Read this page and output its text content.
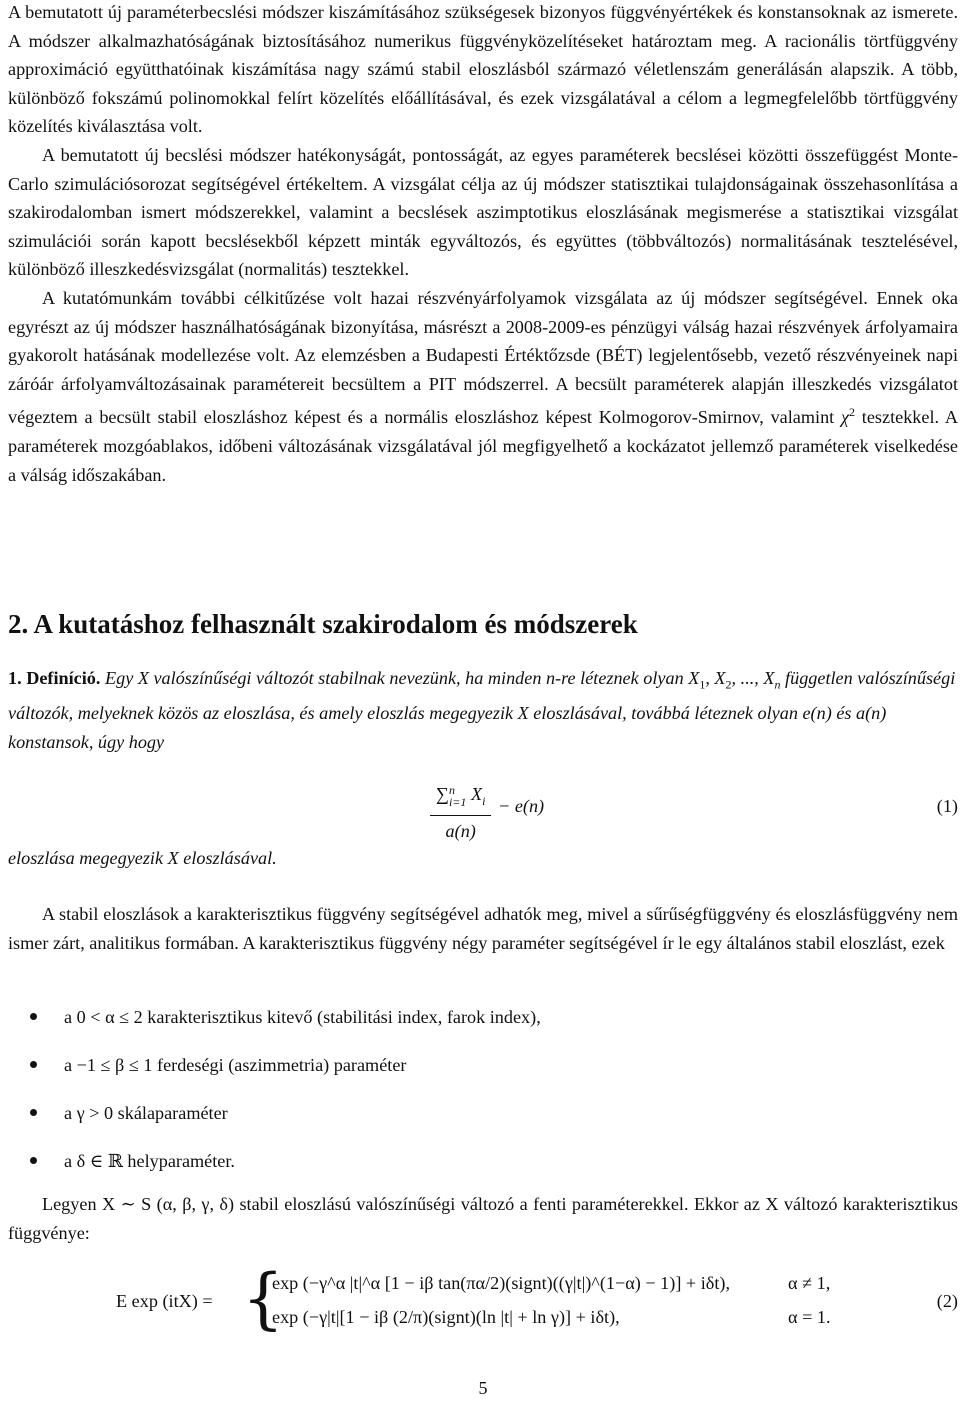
A bemutatott új paraméterbecslési módszer kiszámításához szükségesek bizonyos függvényértékek és konstansoknak az ismerete. A módszer alkalmazhatóságának biztosításához numerikus függvényközelítéseket határoztam meg. A racionális törtfüggvény approximáció együtthatóinak kiszámítása nagy számú stabil eloszlásból származó véletlenszám generálásán alapszik. A több, különböző fokszámú polinomokkal felírt közelítés előállításával, és ezek vizsgálatával a célom a legmegfelelőbb törtfüggvény közelítés kiválasztása volt.

A bemutatott új becslési módszer hatékonyságát, pontosságát, az egyes paraméterek becslései közötti összefüggést Monte-Carlo szimulációsorozat segítségével értékeltem. A vizsgálat célja az új módszer statisztikai tulajdonságainak összehasonlítása a szakirodalomban ismert módszerekkel, valamint a becslések aszimptotikus eloszlásának megismerése a statisztikai vizsgálat szimulációi során kapott becslésekből képzett minták egyváltozós, és együttes (többváltozós) normalitásának tesztelésével, különböző illeszkedésvizsgálat (normalitás) tesztekkel.

A kutatómunkám további célkitűzése volt hazai részvényárfolyamok vizsgálata az új módszer segítségével. Ennek oka egyrészt az új módszer használhatóságának bizonyítása, másrészt a 2008-2009-es pénzügyi válság hazai részvények árfolyamaira gyakorolt hatásának modellezése volt. Az elemzésben a Budapesti Értéktőzsde (BÉT) legjelentősebb, vezető részvényeinek napi záróár árfolyamváltozásainak paramétereit becsültem a PIT módszerrel. A becsült paraméterek alapján illeszkedés vizsgálatot végeztem a becsült stabil eloszláshoz képest és a normális eloszláshoz képest Kolmogorov-Smirnov, valamint $\chi^2$ tesztekkel. A paraméterek mozgóablakos, időbeni változásának vizsgálatával jól megfigyelhető a kockázatot jellemző paraméterek viselkedése a válság időszakában.

2. A kutatáshoz felhasznált szakirodalom és módszerek
1. Definíció. Egy X valószínűségi változót stabilnak nevezünk, ha minden n-re léteznek olyan $X_1$, $X_2$, ..., $X_n$ független valószínűségi változók, melyeknek közös az eloszlása, és amely eloszlás megegyezik X eloszlásával, továbbá léteznek olyan e(n) és a(n) konstansok, úgy hogy
∑n
i=1 $X_i$
a(n)
− e(n)	(1)
eloszlása megegyezik X eloszlásával.

A stabil eloszlások a karakterisztikus függvény segítségével adhatók meg, mivel a sűrűségfüggvény és eloszlásfüggvény nem ismer zárt, analitikus formában. A karakterisztikus függvény négy paraméter segítségével ír le egy általános stabil eloszlást, ezek

a 0 < α ≤ 2 karakterisztikus kitevő (stabilitási index, farok index),
a −1 ≤ β ≤ 1 ferdeségi (aszimmetria) paraméter
a γ > 0 skálaparaméter
a δ ∈ ℝ helyparaméter.

Legyen X ∼ S (α, β, γ, δ) stabil eloszlású valószínűségi változó a fenti paraméterekkel. Ekkor az X változó karakterisztikus függvénye:

E exp (itX) = {
exp (−γ^α |t|^α [1 − iβ tan(πα/2)(signt)((γ|t|)^(1−α) − 1)] + iδt),	α ≠ 1,
exp (−γ|t|[1 − iβ (2/π)(signt)(ln |t| + ln γ)] + iδt),	α = 1.
(2)
5
